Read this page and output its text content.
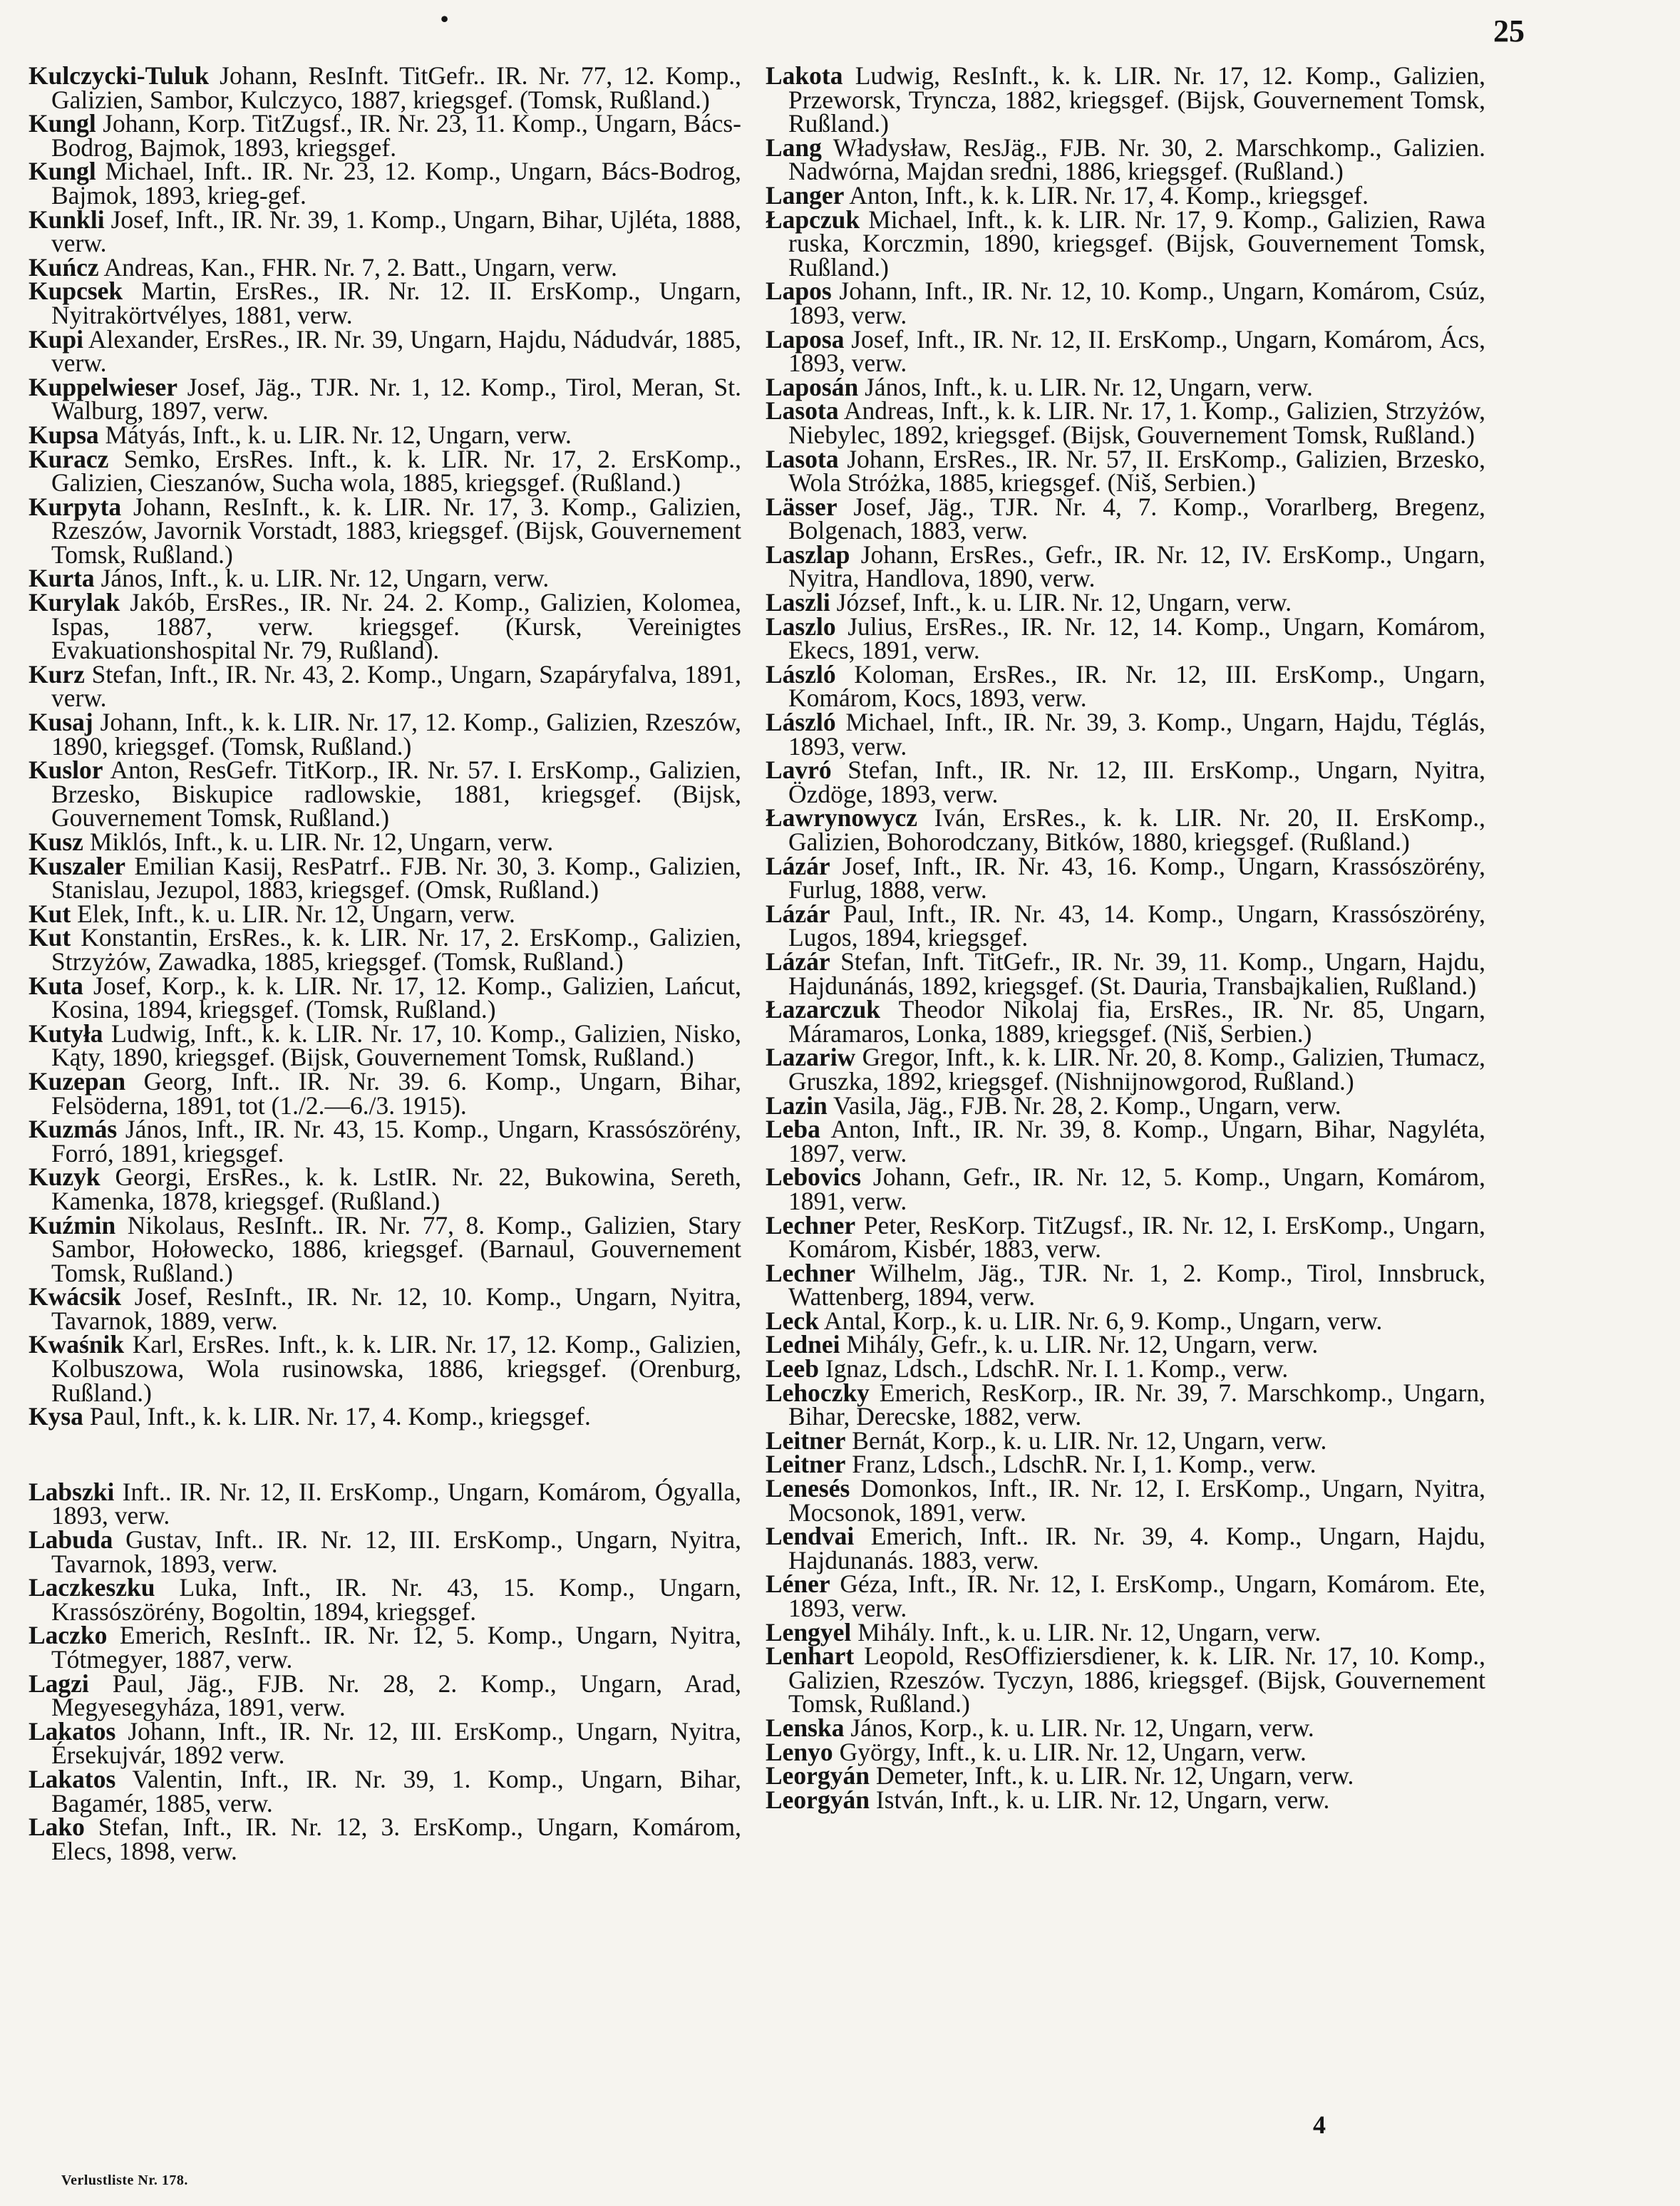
•	25

Kulczycki-Tuluk Johann, ResInft. TitGefr.. IR. Nr. 77, 12. Komp., Galizien, Sambor, Kulczyco, 1887, kriegsgef. (Tomsk, Rußland.)

Kungl Johann, Korp. TitZugsf., IR. Nr. 23, 11. Komp., Ungarn, Bács-Bodrog, Bajmok, 1893, kriegsgef.

Kungl Michael, Inft.. IR. Nr. 23, 12. Komp., Ungarn, Bács-Bodrog, Bajmok, 1893, krieg-gef.

Kunkli Josef, Inft., IR. Nr. 39, 1. Komp., Ungarn, Bihar, Ujléta, 1888, verw.

Kuńcz Andreas, Kan., FHR. Nr. 7, 2. Batt., Ungarn, verw.

Kupcsek Martin, ErsRes., IR. Nr. 12. II. ErsKomp., Ungarn, Nyitrakörtvélyes, 1881, verw.

Kupi Alexander, ErsRes., IR. Nr. 39, Ungarn, Hajdu, Nádudvár, 1885, verw.

Kuppelwieser Josef, Jäg., TJR. Nr. 1, 12. Komp., Tirol, Meran, St. Walburg, 1897, verw.

Kupsa Mátyás, Inft., k. u. LIR. Nr. 12, Ungarn, verw.

Kuracz Semko, ErsRes. Inft., k. k. LIR. Nr. 17, 2. ErsKomp., Galizien, Cieszanów, Sucha wola, 1885, kriegsgef. (Rußland.)

Kurpyta Johann, ResInft., k. k. LIR. Nr. 17, 3. Komp., Galizien, Rzeszów, Javornik Vorstadt, 1883, kriegsgef. (Bijsk, Gouvernement Tomsk, Rußland.)

Kurta János, Inft., k. u. LIR. Nr. 12, Ungarn, verw.

Kurylak Jakób, ErsRes., IR. Nr. 24. 2. Komp., Galizien, Kolomea, Ispas, 1887, verw. kriegsgef. (Kursk, Vereinigtes Evakuationshospital Nr. 79, Rußland).

Kurz Stefan, Inft., IR. Nr. 43, 2. Komp., Ungarn, Szapáryfalva, 1891, verw.

Kusaj Johann, Inft., k. k. LIR. Nr. 17, 12. Komp., Galizien, Rzeszów, 1890, kriegsgef. (Tomsk, Rußland.)

Kuslor Anton, ResGefr. TitKorp., IR. Nr. 57. I. ErsKomp., Galizien, Brzesko, Biskupice radlowskie, 1881, kriegsgef. (Bijsk, Gouvernement Tomsk, Rußland.)

Kusz Miklós, Inft., k. u. LIR. Nr. 12, Ungarn, verw.

Kuszaler Emilian Kasij, ResPatrf.. FJB. Nr. 30, 3. Komp., Galizien, Stanislau, Jezupol, 1883, kriegsgef. (Omsk, Rußland.)

Kut Elek, Inft., k. u. LIR. Nr. 12, Ungarn, verw.

Kut Konstantin, ErsRes., k. k. LIR. Nr. 17, 2. ErsKomp., Galizien, Strzyżów, Zawadka, 1885, kriegsgef. (Tomsk, Rußland.)

Kuta Josef, Korp., k. k. LIR. Nr. 17, 12. Komp., Galizien, Lańcut, Kosina, 1894, kriegsgef. (Tomsk, Rußland.)

Kutyła Ludwig, Inft., k. k. LIR. Nr. 17, 10. Komp., Galizien, Nisko, Kąty, 1890, kriegsgef. (Bijsk, Gouvernement Tomsk, Rußland.)

Kuzepan Georg, Inft.. IR. Nr. 39. 6. Komp., Ungarn, Bihar, Felsöderna, 1891, tot (1./2.—6./3. 1915).

Kuzmás János, Inft., IR. Nr. 43, 15. Komp., Ungarn, Krassószörény, Forró, 1891, kriegsgef.

Kuzyk Georgi, ErsRes., k. k. LstIR. Nr. 22, Bukowina, Sereth, Kamenka, 1878, kriegsgef. (Rußland.)

Kuźmin Nikolaus, ResInft.. IR. Nr. 77, 8. Komp., Galizien, Stary Sambor, Hołowecko, 1886, kriegsgef. (Barnaul, Gouvernement Tomsk, Rußland.)

Kwácsik Josef, ResInft., IR. Nr. 12, 10. Komp., Ungarn, Nyitra, Tavarnok, 1889, verw.

Kwaśnik Karl, ErsRes. Inft., k. k. LIR. Nr. 17, 12. Komp., Galizien, Kolbuszowa, Wola rusinowska, 1886, kriegsgef. (Orenburg, Rußland.)

Kysa Paul, Inft., k. k. LIR. Nr. 17, 4. Komp., kriegsgef.

Labszki Inft.. IR. Nr. 12, II. ErsKomp., Ungarn, Komárom, Ógyalla, 1893, verw.

Labuda Gustav, Inft.. IR. Nr. 12, III. ErsKomp., Ungarn, Nyitra, Tavarnok, 1893, verw.

Laczkeszku Luka, Inft., IR. Nr. 43, 15. Komp., Ungarn, Krassószörény, Bogoltin, 1894, kriegsgef.

Laczko Emerich, ResInft.. IR. Nr. 12, 5. Komp., Ungarn, Nyitra, Tótmegyer, 1887, verw.

Lagzi Paul, Jäg., FJB. Nr. 28, 2. Komp., Ungarn, Arad, Megyesegyháza, 1891, verw.

Lakatos Johann, Inft., IR. Nr. 12, III. ErsKomp., Ungarn, Nyitra, Érsekujvár, 1892 verw.

Lakatos Valentin, Inft., IR. Nr. 39, 1. Komp., Ungarn, Bihar, Bagamér, 1885, verw.

Lako Stefan, Inft., IR. Nr. 12, 3. ErsKomp., Ungarn, Komárom, Elecs, 1898, verw.

Lakota Ludwig, ResInft., k. k. LIR. Nr. 17, 12. Komp., Galizien, Przeworsk, Trynczа, 1882, kriegsgef. (Bijsk, Gouvernement Tomsk, Rußland.)

Lang Władysław, ResJäg., FJB. Nr. 30, 2. Marschkomp., Galizien. Nadwórna, Majdan sredni, 1886, kriegsgef. (Rußland.)

Langer Anton, Inft., k. k. LIR. Nr. 17, 4. Komp., kriegsgef.

Łapczuk Michael, Inft., k. k. LIR. Nr. 17, 9. Komp., Galizien, Rawa ruska, Korczmin, 1890, kriegsgef. (Bijsk, Gouvernement Tomsk, Rußland.)

Lapos Johann, Inft., IR. Nr. 12, 10. Komp., Ungarn, Komárom, Csúz, 1893, verw.

Laposa Josef, Inft., IR. Nr. 12, II. ErsKomp., Ungarn, Komárom, Ács, 1893, verw.

Laposán János, Inft., k. u. LIR. Nr. 12, Ungarn, verw.

Lasota Andreas, Inft., k. k. LIR. Nr. 17, 1. Komp., Galizien, Strzyżów, Niebylec, 1892, kriegsgef. (Bijsk, Gouvernement Tomsk, Rußland.)

Lasota Johann, ErsRes., IR. Nr. 57, II. ErsKomp., Galizien, Brzesko, Wola Stróżka, 1885, kriegsgef. (Niš, Serbien.)

Lässer Josef, Jäg., TJR. Nr. 4, 7. Komp., Vorarlberg, Bregenz, Bolgenach, 1883, verw.

Laszlap Johann, ErsRes., Gefr., IR. Nr. 12, IV. ErsKomp., Ungarn, Nyitra, Handlova, 1890, verw.

Laszli József, Inft., k. u. LIR. Nr. 12, Ungarn, verw.

Laszlo Julius, ErsRes., IR. Nr. 12, 14. Komp., Ungarn, Komárom, Ekecs, 1891, verw.

László Koloman, ErsRes., IR. Nr. 12, III. ErsKomp., Ungarn, Komárom, Kocs, 1893, verw.

László Michael, Inft., IR. Nr. 39, 3. Komp., Ungarn, Hajdu, Téglás, 1893, verw.

Lavró Stefan, Inft., IR. Nr. 12, III. ErsKomp., Ungarn, Nyitra, Özdöge, 1893, verw.

Ławrynowycz Iván, ErsRes., k. k. LIR. Nr. 20, II. ErsKomp., Galizien, Bohorodczany, Bitków, 1880, kriegsgef. (Rußland.)

Lázár Josef, Inft., IR. Nr. 43, 16. Komp., Ungarn, Krassószörény, Furlug, 1888, verw.

Lázár Paul, Inft., IR. Nr. 43, 14. Komp., Ungarn, Krassószörény, Lugos, 1894, kriegsgef.

Lázár Stefan, Inft. TitGefr., IR. Nr. 39, 11. Komp., Ungarn, Hajdu, Hajdunánás, 1892, kriegsgef. (St. Dauria, Transbajkalien, Rußland.)

Łazarczuk Theodor Nikolaj fia, ErsRes., IR. Nr. 85, Ungarn, Máramaros, Lonka, 1889, kriegsgef. (Niš, Serbien.)

Lazariw Gregor, Inft., k. k. LIR. Nr. 20, 8. Komp., Galizien, Tłumacz, Gruszka, 1892, kriegsgef. (Nishnijnowgorod, Rußland.)

Lazin Vasila, Jäg., FJB. Nr. 28, 2. Komp., Ungarn, verw.

Leba Anton, Inft., IR. Nr. 39, 8. Komp., Ungarn, Bihar, Nagyléta, 1897, verw.

Lebovics Johann, Gefr., IR. Nr. 12, 5. Komp., Ungarn, Komárom, 1891, verw.

Lechner Peter, ResKorp. TitZugsf., IR. Nr. 12, I. ErsKomp., Ungarn, Komárom, Kisbér, 1883, verw.

Lechner Wilhelm, Jäg., TJR. Nr. 1, 2. Komp., Tirol, Innsbruck, Wattenberg, 1894, verw.

Leck Antal, Korp., k. u. LIR. Nr. 6, 9. Komp., Ungarn, verw.

Lednei Mihály, Gefr., k. u. LIR. Nr. 12, Ungarn, verw.

Leeb Ignaz, Ldsch., LdschR. Nr. I. 1. Komp., verw.

Lehoczky Emerich, ResKorp., IR. Nr. 39, 7. Marschkomp., Ungarn, Bihar, Derecske, 1882, verw.

Leitner Bernát, Korp., k. u. LIR. Nr. 12, Ungarn, verw.

Leitner Franz, Ldsch., LdschR. Nr. I, 1. Komp., verw.

Lenesés Domonkos, Inft., IR. Nr. 12, I. ErsKomp., Ungarn, Nyitra, Mocsonok, 1891, verw.

Lendvai Emerich, Inft.. IR. Nr. 39, 4. Komp., Ungarn, Hajdu, Hajdunanás. 1883, verw.

Léner Géza, Inft., IR. Nr. 12, I. ErsKomp., Ungarn, Komárom. Ete, 1893, verw.

Lengyel Mihály. Inft., k. u. LIR. Nr. 12, Ungarn, verw.

Lenhart Leopold, ResOffiziersdiener, k. k. LIR. Nr. 17, 10. Komp., Galizien, Rzeszów. Tyczyn, 1886, kriegsgef. (Bijsk, Gouvernement Tomsk, Rußland.)

Lenska János, Korp., k. u. LIR. Nr. 12, Ungarn, verw.

Lenyo György, Inft., k. u. LIR. Nr. 12, Ungarn, verw.

Leorgyán Demeter, Inft., k. u. LIR. Nr. 12, Ungarn, verw.

Leorgyán István, Inft., k. u. LIR. Nr. 12, Ungarn, verw.

Verlustliste Nr. 178.
4
